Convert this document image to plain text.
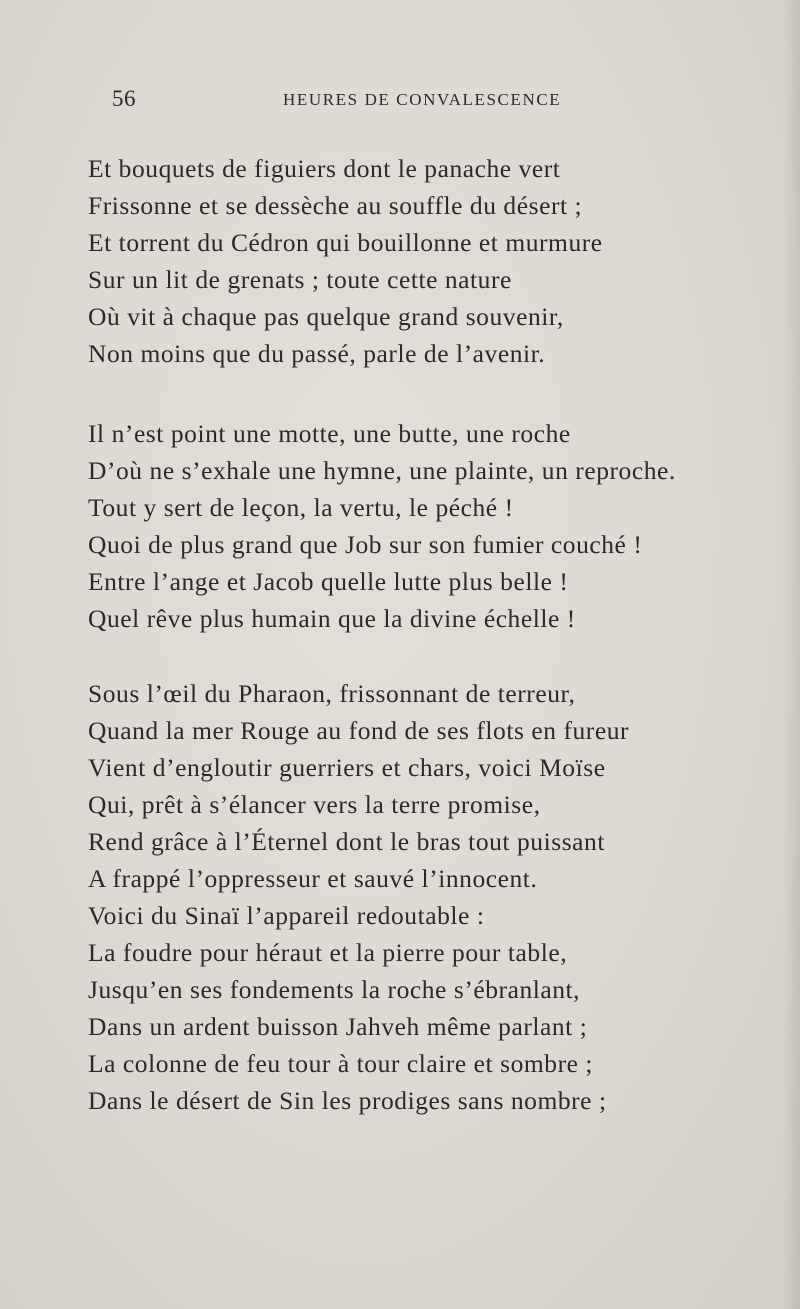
56	HEURES DE CONVALESCENCE
Et bouquets de figuiers dont le panache vert
Frissonne et se dessèche au souffle du désert ;
Et torrent du Cédron qui bouillonne et murmure
Sur un lit de grenats ; toute cette nature
Où vit à chaque pas quelque grand souvenir,
Non moins que du passé, parle de l’avenir.
Il n’est point une motte, une butte, une roche
D’où ne s’exhale une hymne, une plainte, un reproche.
Tout y sert de leçon, la vertu, le péché !
Quoi de plus grand que Job sur son fumier couché !
Entre l’ange et Jacob quelle lutte plus belle !
Quel rêve plus humain que la divine échelle !
Sous l’œil du Pharaon, frissonnant de terreur,
Quand la mer Rouge au fond de ses flots en fureur
Vient d’engloutir guerriers et chars, voici Moïse
Qui, prêt à s’élancer vers la terre promise,
Rend grâce à l’Éternel dont le bras tout puissant
A frappé l’oppresseur et sauvé l’innocent.
Voici du Sinaï l’appareil redoutable :
La foudre pour héraut et la pierre pour table,
Jusqu’en ses fondements la roche s’ébranlant,
Dans un ardent buisson Jahveh même parlant ;
La colonne de feu tour à tour claire et sombre ;
Dans le désert de Sin les prodiges sans nombre ;
